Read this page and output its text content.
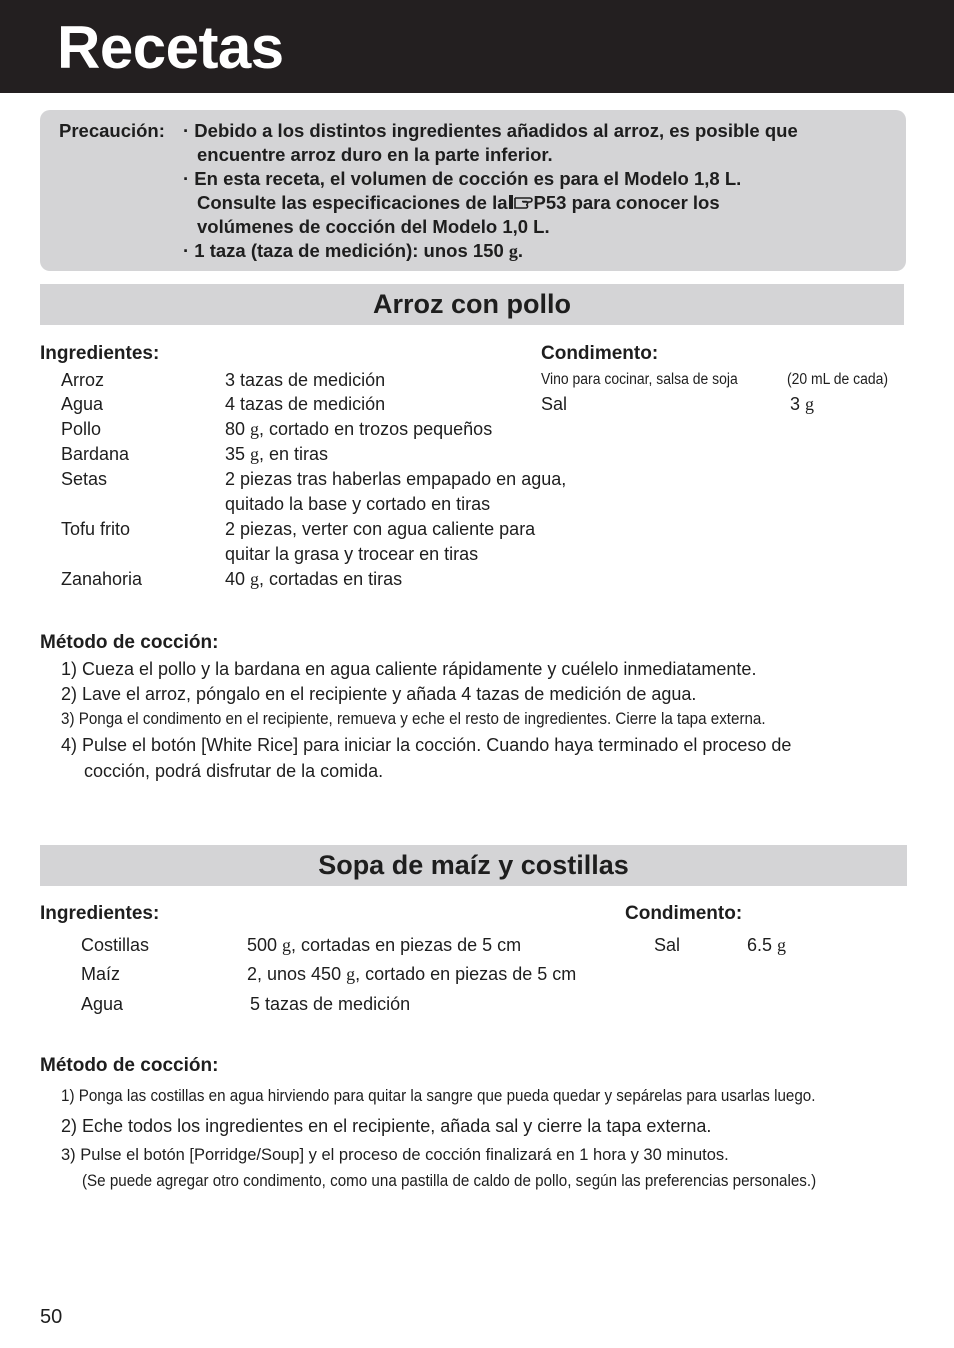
Recetas
Precaución: · Debido a los distintos ingredientes añadidos al arroz, es posible que
encuentre arroz duro en la parte inferior.
· En esta receta, el volumen de cocción es para el Modelo 1,8 L.
Consulte las especificaciones de la P53 para conocer los
volúmenes de cocción del Modelo 1,0 L.
· 1 taza (taza de medición): unos 150 g.
Arroz con pollo
Ingredientes:	Condimento:
Arroz	3 tazas de medición
Agua	4 tazas de medición
Pollo	80 g, cortado en trozos pequeños
Bardana	35 g, en tiras
Setas	2 piezas tras haberlas empapado en agua,
quitado la base y cortado en tiras
Tofu frito	2 piezas, verter con agua caliente para
quitar la grasa y trocear en tiras
Zanahoria	40 g, cortadas en tiras
Vino para cocinar, salsa de soja	(20 mL de cada)
Sal	3 g
Método de cocción:
1) Cueza el pollo y la bardana en agua caliente rápidamente y cuélelo inmediatamente.
2) Lave el arroz, póngalo en el recipiente y añada 4 tazas de medición de agua.
3) Ponga el condimento en el recipiente, remueva y eche el resto de ingredientes. Cierre la tapa externa.
4) Pulse el botón [White Rice] para iniciar la cocción. Cuando haya terminado el proceso de
cocción, podrá disfrutar de la comida.
Sopa de maíz y costillas
Ingredientes:	Condimento:
Costillas	500 g, cortadas en piezas de 5 cm
Maíz	2, unos 450 g, cortado en piezas de 5 cm
Agua	5 tazas de medición
Sal	6.5 g
Método de cocción:
1) Ponga las costillas en agua hirviendo para quitar la sangre que pueda quedar y sepárelas para usarlas luego.
2) Eche todos los ingredientes en el recipiente, añada sal y cierre la tapa externa.
3) Pulse el botón [Porridge/Soup] y el proceso de cocción finalizará en 1 hora y 30 minutos.
(Se puede agregar otro condimento, como una pastilla de caldo de pollo, según las preferencias personales.)
50
